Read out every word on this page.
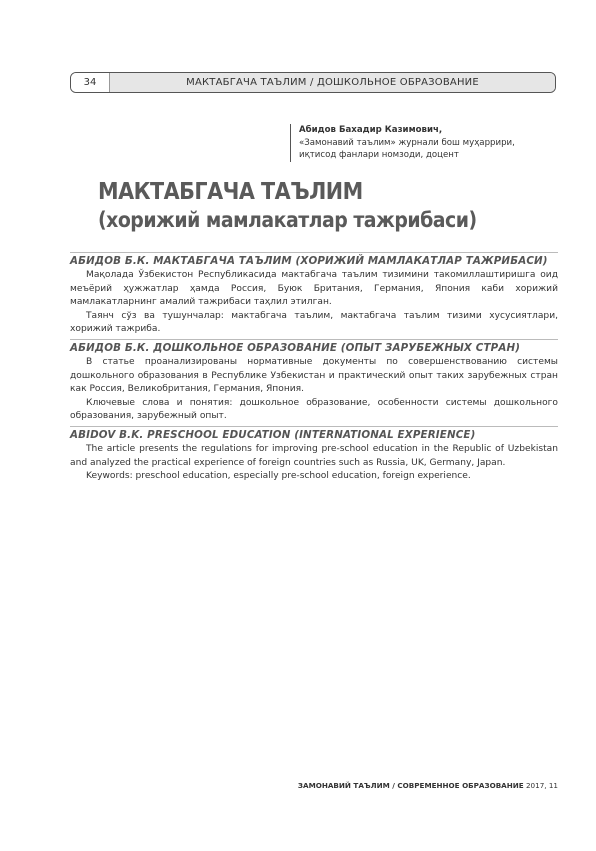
34	МАКТАБГАЧА ТАЪЛИМ / ДОШКОЛЬНОЕ ОБРАЗОВАНИЕ
Абидов Бахадир Казимович,
«Замонавий таълим» журнали бош муҳаррири,
иқтисод фанлари номзоди, доцент
МАКТАБГАЧА ТАЪЛИМ
(хорижий мамлакатлар тажрибаси)
АБИДОВ Б.К. МАКТАБГАЧА ТАЪЛИМ (ХОРИЖИЙ МАМЛАКАТЛАР ТАЖРИБАСИ)

Мақолада Ўзбекистон Республикасида мактабгача таълим тизимини такомиллаштиришга оид меъёрий ҳужжатлар ҳамда Россия, Буюк Британия, Германия, Япония каби хорижий мамлакатларнинг амалий тажрибаси таҳлил этилган.

Таянч сўз ва тушунчалар: мактабгача таълим, мактабгача таълим тизими хусусиятлари, хорижий тажриба.

АБИДОВ Б.К. ДОШКОЛЬНОЕ ОБРАЗОВАНИЕ (ОПЫТ ЗАРУБЕЖНЫХ СТРАН)

В статье проанализированы нормативные документы по совершенствованию системы дошкольного образования в Республике Узбекистан и практический опыт таких зарубежных стран как Россия, Великобритания, Германия, Япония.

Ключевые слова и понятия: дошкольное образование, особенности системы дошкольного образования, зарубежный опыт.

ABIDOV B.K. PRESCHOOL EDUCATION (INTERNATIONAL EXPERIENCE)

The article presents the regulations for improving pre-school education in the Republic of Uzbekistan and analyzed the practical experience of foreign countries such as Russia, UK, Germany, Japan.

Keywords: preschool education, especially pre-school education, foreign experience.

ЗАМОНАВИЙ ТАЪЛИМ / СОВРЕМЕННОЕ ОБРАЗОВАНИЕ 2017, 11
